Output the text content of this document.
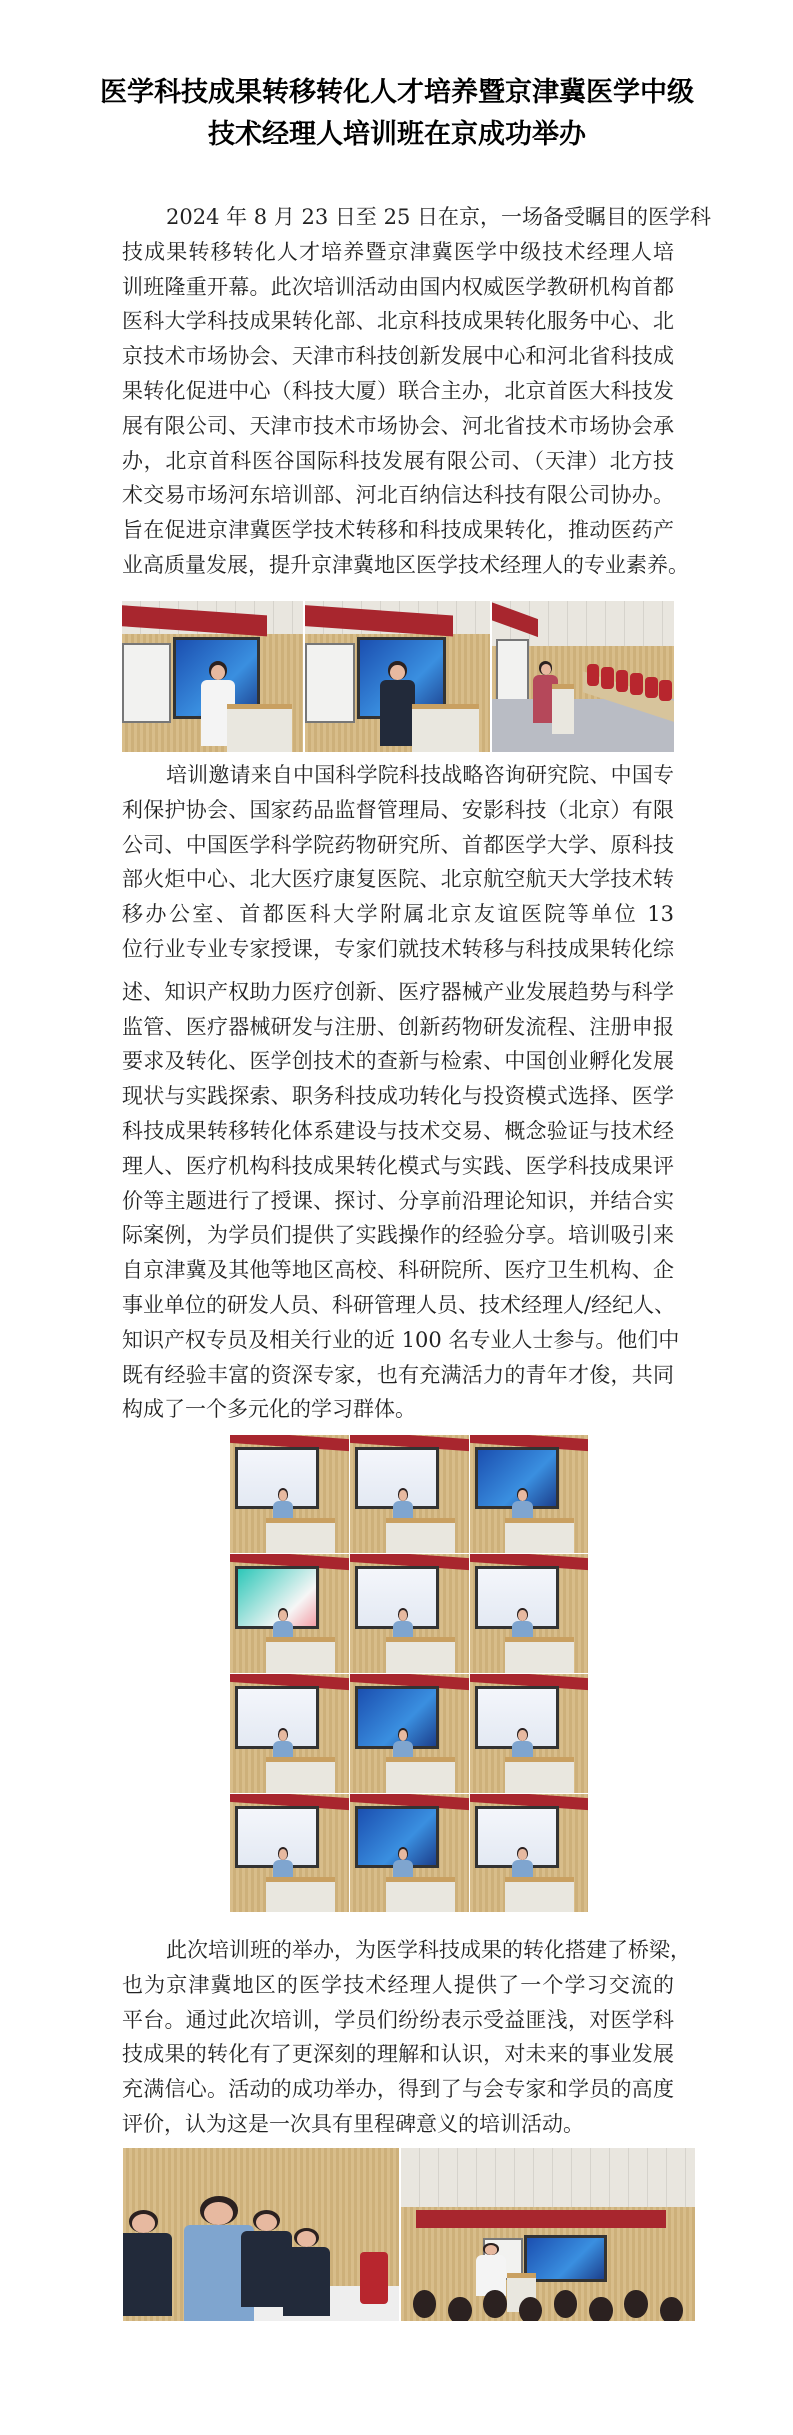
医学科技成果转移转化人才培养暨京津冀医学中级
技术经理人培训班在京成功举办
2024 年 8 月 23 日至 25 日在京，一场备受瞩目的医学科
技成果转移转化人才培养暨京津冀医学中级技术经理人培
训班隆重开幕。此次培训活动由国内权威医学教研机构首都
医科大学科技成果转化部、北京科技成果转化服务中心、北
京技术市场协会、天津市科技创新发展中心和河北省科技成
果转化促进中心（科技大厦）联合主办，北京首医大科技发
展有限公司、天津市技术市场协会、河北省技术市场协会承
办，北京首科医谷国际科技发展有限公司、（天津）北方技
术交易市场河东培训部、河北百纳信达科技有限公司协办。
旨在促进京津冀医学技术转移和科技成果转化，推动医药产
业高质量发展，提升京津冀地区医学技术经理人的专业素养。
培训邀请来自中国科学院科技战略咨询研究院、中国专
利保护协会、国家药品监督管理局、安影科技（北京）有限
公司、中国医学科学院药物研究所、首都医学大学、原科技
部火炬中心、北大医疗康复医院、北京航空航天大学技术转
移办公室、首都医科大学附属北京友谊医院等单位 13
位行业专业专家授课，专家们就技术转移与科技成果转化综
述、知识产权助力医疗创新、医疗器械产业发展趋势与科学
监管、医疗器械研发与注册、创新药物研发流程、注册申报
要求及转化、医学创技术的查新与检索、中国创业孵化发展
现状与实践探索、职务科技成功转化与投资模式选择、医学
科技成果转移转化体系建设与技术交易、概念验证与技术经
理人、医疗机构科技成果转化模式与实践、医学科技成果评
价等主题进行了授课、探讨、分享前沿理论知识，并结合实
际案例，为学员们提供了实践操作的经验分享。培训吸引来
自京津冀及其他等地区高校、科研院所、医疗卫生机构、企
事业单位的研发人员、科研管理人员、技术经理人/经纪人、
知识产权专员及相关行业的近 100 名专业人士参与。他们中
既有经验丰富的资深专家，也有充满活力的青年才俊，共同
构成了一个多元化的学习群体。
此次培训班的举办，为医学科技成果的转化搭建了桥梁，
也为京津冀地区的医学技术经理人提供了一个学习交流的
平台。通过此次培训，学员们纷纷表示受益匪浅，对医学科
技成果的转化有了更深刻的理解和认识，对未来的事业发展
充满信心。活动的成功举办，得到了与会专家和学员的高度
评价，认为这是一次具有里程碑意义的培训活动。
